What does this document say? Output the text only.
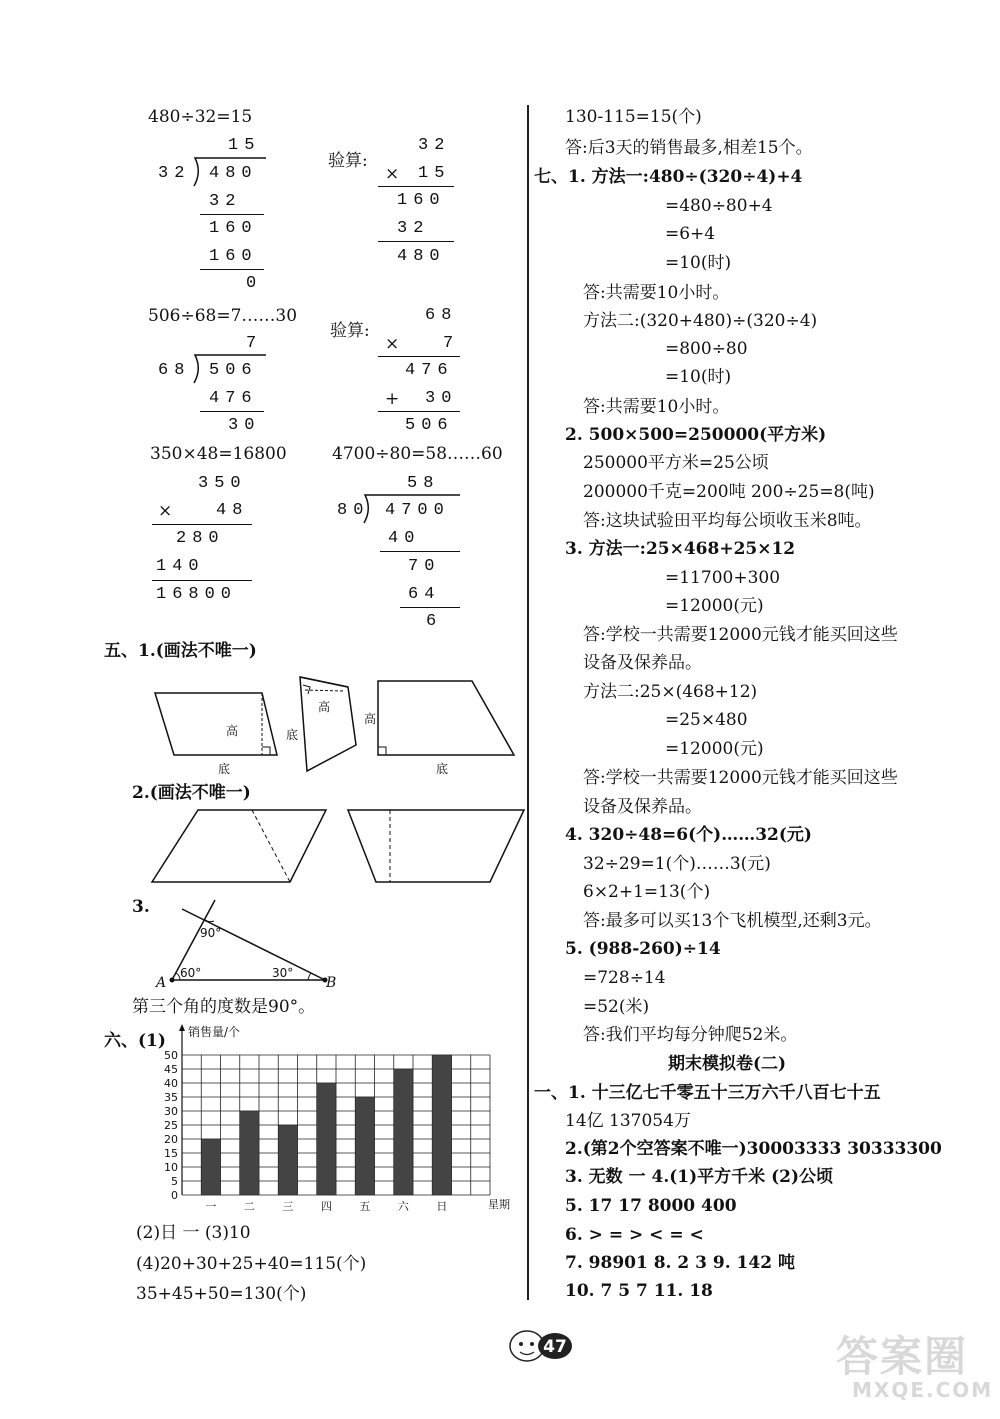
480÷32=15
15
32 480
32
160
160
0
验算:
32
× 15
160
32
480
506÷68=7……30
7
68 506
476
30
验算:
68
×	7
476
+ 30
506
350×48=16800
350
×	48
280
140
16800
4700÷80=58……60
58
80 4700
40
70
64
6
五、1.(画法不唯一)
高
底
底
高
高
底
2.(画法不唯一)
3.
90°
60°	30°
A	B
第三个角的度数是90°。
六、(1) 销售量/个
星期
0
5
10
15
20
25
30
35
40
45
50
一	二	三	四	五	六	日
(2)日 一 (3)10
(4)20+30+25+40=115(个)
35+45+50=130(个)
130-115=15(个)
答:后3天的销售最多,相差15个。
七、1. 方法一:480÷(320÷4)+4
=480÷80+4
=6+4
=10(时)
答:共需要10小时。
方法二:(320+480)÷(320÷4)
=800÷80
=10(时)
答:共需要10小时。
2. 500×500=250000(平方米)
250000平方米=25公顷
200000千克=200吨 200÷25=8(吨)
答:这块试验田平均每公顷收玉米8吨。
3. 方法一:25×468+25×12
=11700+300
=12000(元)
答:学校一共需要12000元钱才能买回这些
设备及保养品。
方法二:25×(468+12)
=25×480
=12000(元)
答:学校一共需要12000元钱才能买回这些
设备及保养品。
4. 320÷48=6(个)……32(元)
32÷29=1(个)……3(元)
6×2+1=13(个)
答:最多可以买13个飞机模型,还剩3元。
5. (988-260)÷14
=728÷14
=52(米)
答:我们平均每分钟爬52米。
期末模拟卷(二)
一、1. 十三亿七千零五十三万六千八百七十五
14亿 137054万
2.(第2个空答案不唯一)30003333 30333300
3. 无数 一 4.(1)平方千米 (2)公顷
5. 17 17 8000 400
6. > = > < = <
7. 98901 8. 2 3 9. 142 吨
10. 7 5 7 11. 18
47	答案圈
MXQE.COM
